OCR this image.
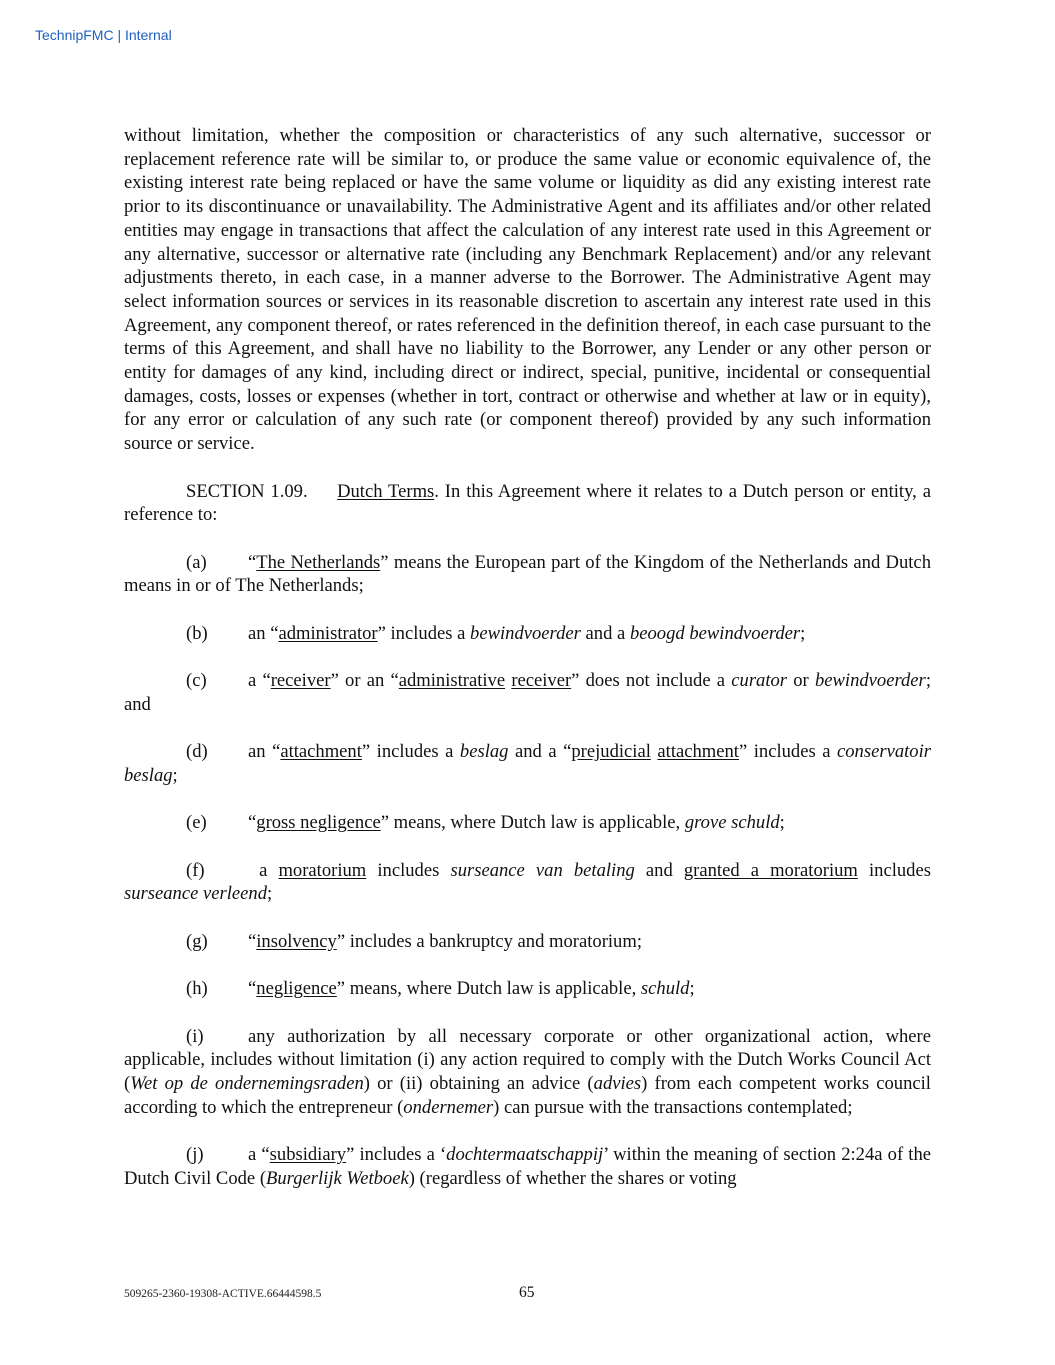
TechnipFMC | Internal

without limitation, whether the composition or characteristics of any such alternative, successor or replacement reference rate will be similar to, or produce the same value or economic equivalence of, the existing interest rate being replaced or have the same volume or liquidity as did any existing interest rate prior to its discontinuance or unavailability. The Administrative Agent and its affiliates and/or other related entities may engage in transactions that affect the calculation of any interest rate used in this Agreement or any alternative, successor or alternative rate (including any Benchmark Replacement) and/or any relevant adjustments thereto, in each case, in a manner adverse to the Borrower. The Administrative Agent may select information sources or services in its reasonable discretion to ascertain any interest rate used in this Agreement, any component thereof, or rates referenced in the definition thereof, in each case pursuant to the terms of this Agreement, and shall have no liability to the Borrower, any Lender or any other person or entity for damages of any kind, including direct or indirect, special, punitive, incidental or consequential damages, costs, losses or expenses (whether in tort, contract or otherwise and whether at law or in equity), for any error or calculation of any such rate (or component thereof) provided by any such information source or service.

SECTION 1.09. Dutch Terms. In this Agreement where it relates to a Dutch person or entity, a reference to:

(a) “The Netherlands” means the European part of the Kingdom of the Netherlands and Dutch means in or of The Netherlands;

(b) an “administrator” includes a bewindvoerder and a beoogd bewindvoerder;

(c) a “receiver” or an “administrative receiver” does not include a curator or bewindvoerder; and

(d) an “attachment” includes a beslag and a “prejudicial attachment” includes a conservatoir beslag;

(e) “gross negligence” means, where Dutch law is applicable, grove schuld;

(f) a moratorium includes surseance van betaling and granted a moratorium includes surseance verleend;

(g) “insolvency” includes a bankruptcy and moratorium;

(h) “negligence” means, where Dutch law is applicable, schuld;

(i) any authorization by all necessary corporate or other organizational action, where applicable, includes without limitation (i) any action required to comply with the Dutch Works Council Act (Wet op de ondernemingsraden) or (ii) obtaining an advice (advies) from each competent works council according to which the entrepreneur (ondernemer) can pursue with the transactions contemplated;

(j) a “subsidiary” includes a ‘dochtermaatschappij’ within the meaning of section 2:24a of the Dutch Civil Code (Burgerlijk Wetboek) (regardless of whether the shares or voting

509265-2360-19308-ACTIVE.66444598.5	65
